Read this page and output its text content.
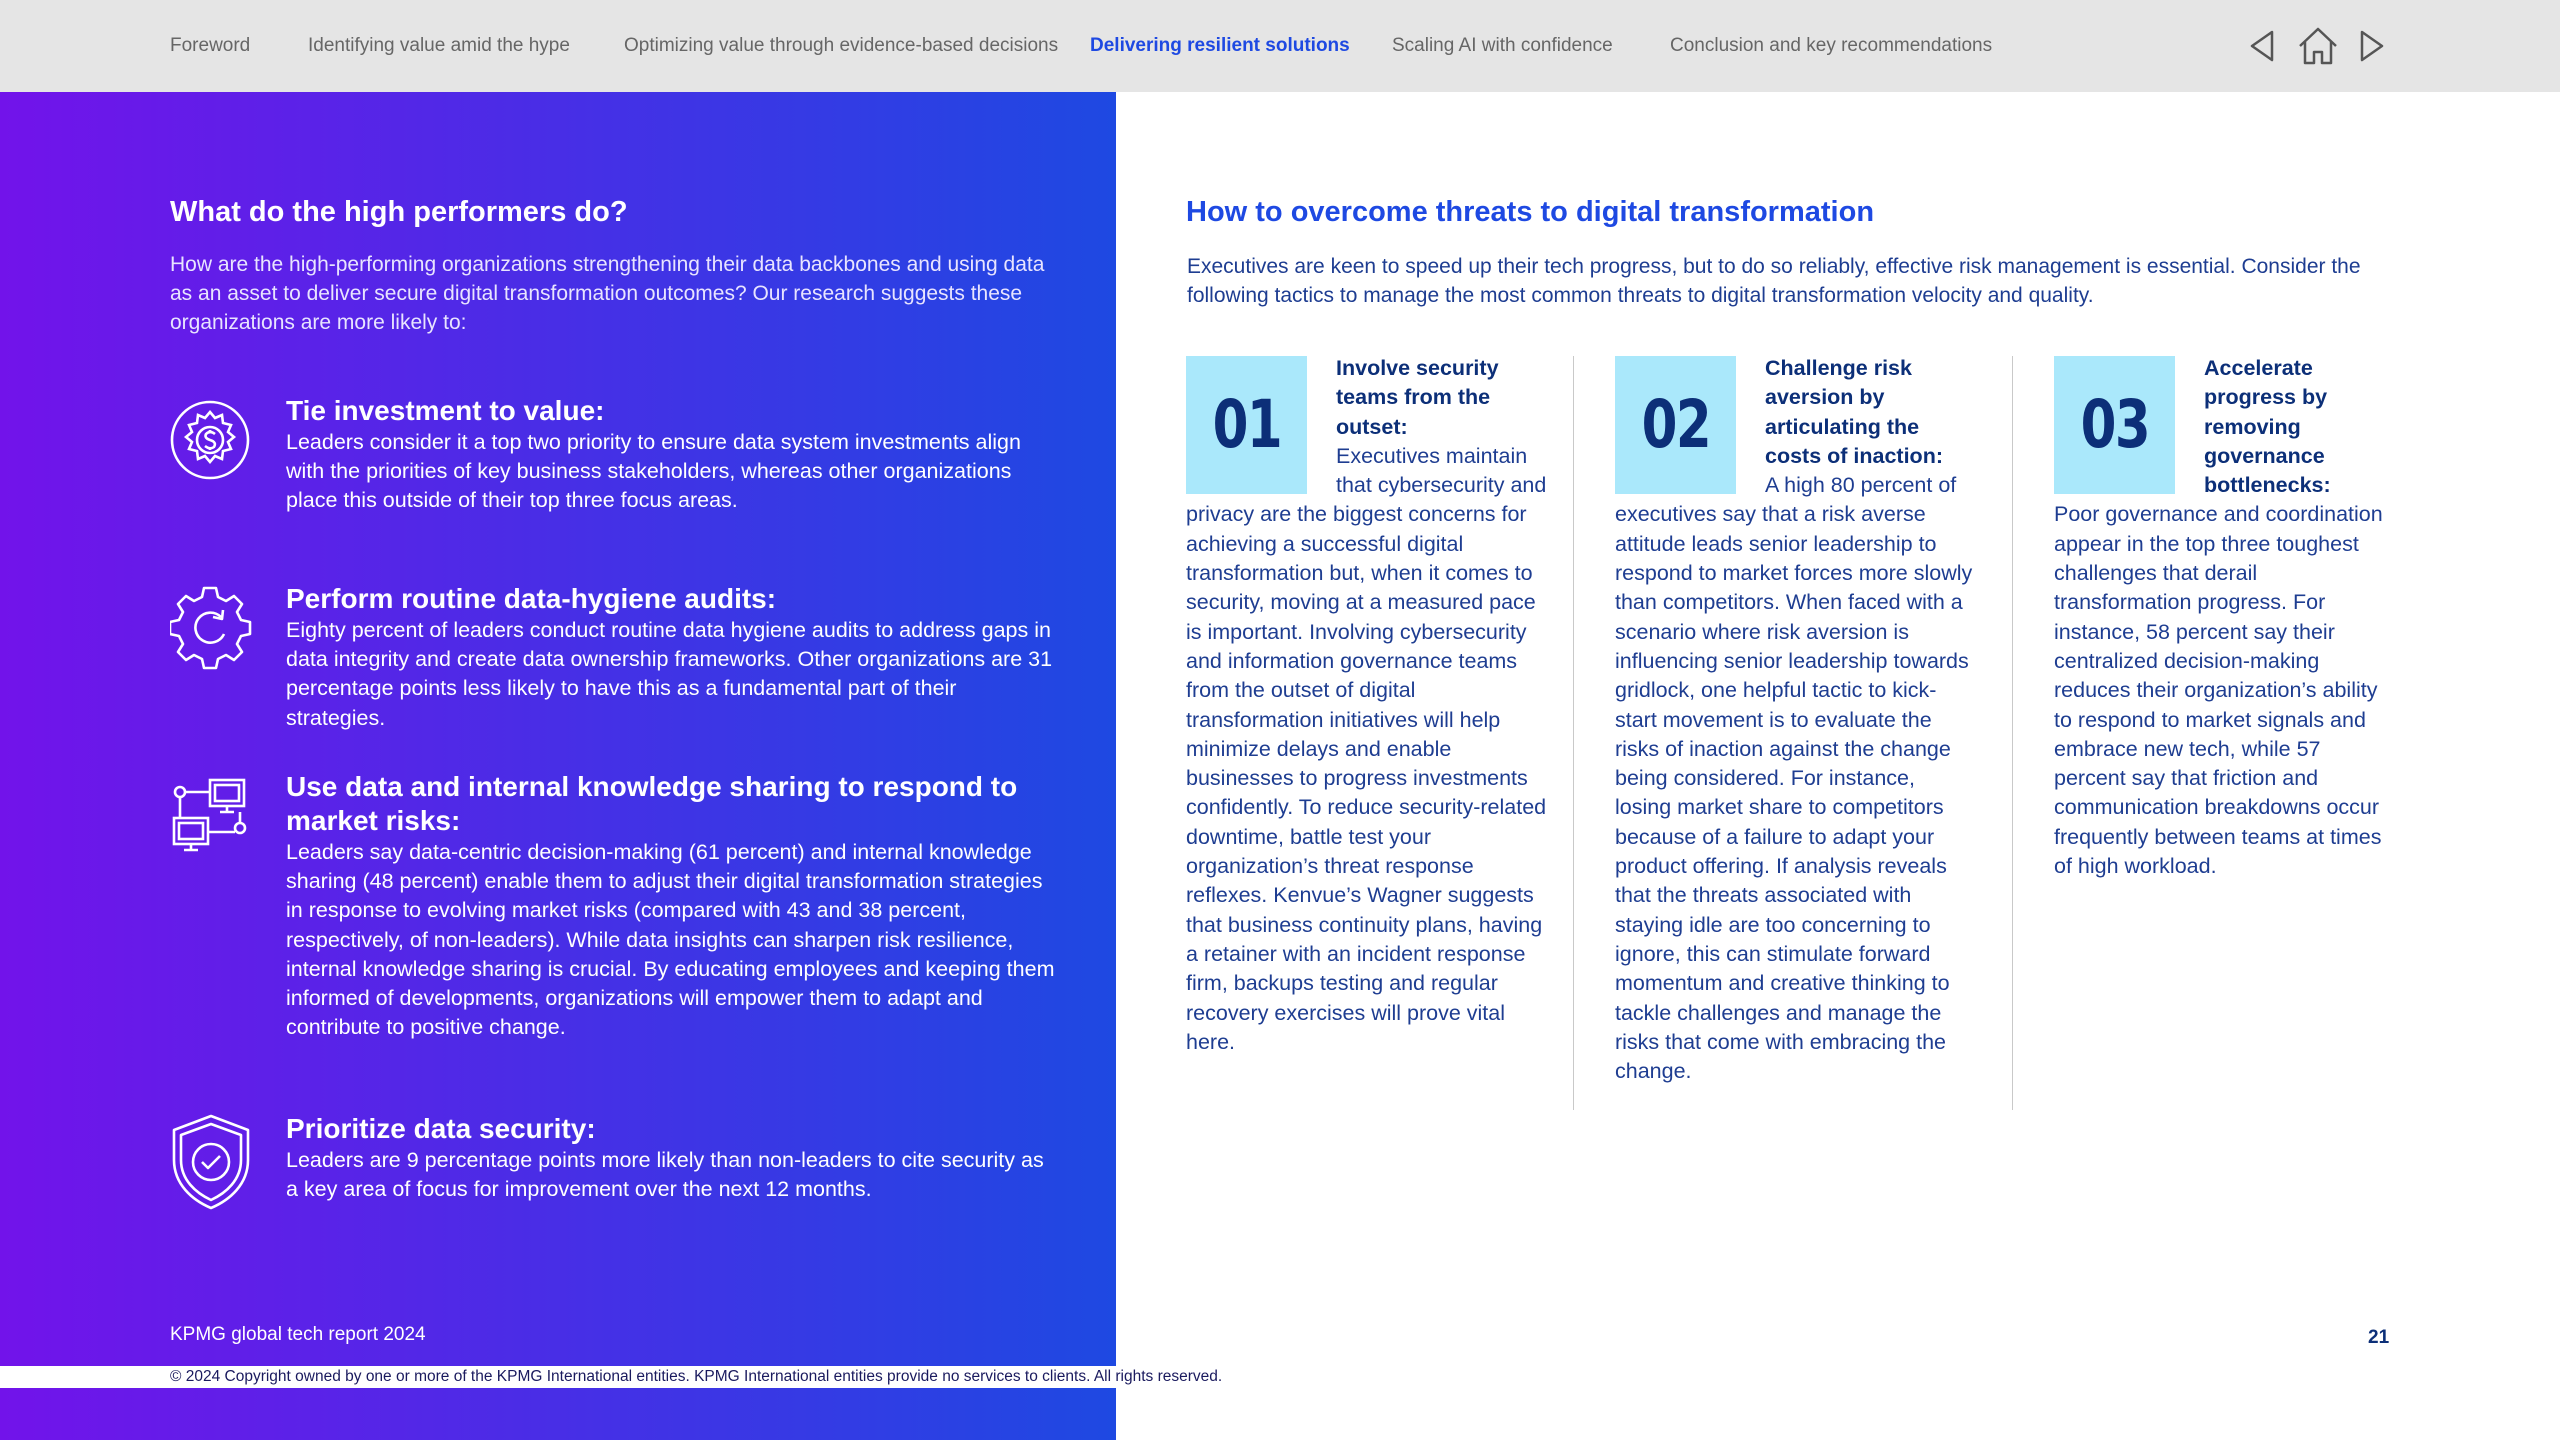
Foreword	Identifying value amid the hype	Optimizing value through evidence-based decisions Delivering resilient solutions Scaling AI with confidence	Conclusion and key recommendations
What do the high performers do?

How are the high-performing organizations strengthening their data backbones and using data as an asset to deliver secure digital transformation outcomes? Our research suggests these organizations are more likely to:

Tie investment to value:

Leaders consider it a top two priority to ensure data system investments align with the priorities of key business stakeholders, whereas other organizations place this outside of their top three focus areas.

Perform routine data-hygiene audits:

Eighty percent of leaders conduct routine data hygiene audits to address gaps in data integrity and create data ownership frameworks. Other organizations are 31 percentage points less likely to have this as a fundamental part of their strategies.

Use data and internal knowledge sharing to respond to market risks:

Leaders say data-centric decision-making (61 percent) and internal knowledge sharing (48 percent) enable them to adjust their digital transformation strategies in response to evolving market risks (compared with 43 and 38 percent, respectively, of non-leaders). While data insights can sharpen risk resilience, internal knowledge sharing is crucial. By educating employees and keeping them informed of developments, organizations will empower them to adapt and contribute to positive change.

Prioritize data security:

Leaders are 9 percentage points more likely than non-leaders to cite security as a key area of focus for improvement over the next 12 months.

KPMG global tech report 2024
© 2024 Copyright owned by one or more of the KPMG International entities. KPMG International entities provide no services to clients. All rights reserved.
How to overcome threats to digital transformation

Executives are keen to speed up their tech progress, but to do so reliably, effective risk management is essential. Consider the following tactics to manage the most common threats to digital transformation velocity and quality.

01
Involve security teams from the outset:
Executives maintain that cybersecurity and privacy are the biggest concerns for achieving a successful digital transformation but, when it comes to security, moving at a measured pace is important. Involving cybersecurity and information governance teams from the outset of digital transformation initiatives will help minimize delays and enable businesses to progress investments confidently. To reduce security-related downtime, battle test your organization’s threat response reflexes. Kenvue’s Wagner suggests that business continuity plans, having a retainer with an incident response firm, backups testing and regular recovery exercises will prove vital here.
02
Challenge risk aversion by articulating the costs of inaction:
A high 80 percent of executives say that a risk averse attitude leads senior leadership to respond to market forces more slowly than competitors. When faced with a scenario where risk aversion is influencing senior leadership towards gridlock, one helpful tactic to kick-start movement is to evaluate the risks of inaction against the change being considered. For instance, losing market share to competitors because of a failure to adapt your product offering. If analysis reveals that the threats associated with staying idle are too concerning to ignore, this can stimulate forward momentum and creative thinking to tackle challenges and manage the risks that come with embracing the change.
03
Accelerate progress by removing governance bottlenecks:
Poor governance and coordination appear in the top three toughest challenges that derail transformation progress. For instance, 58 percent say their centralized decision-making reduces their organization’s ability to respond to market signals and embrace new tech, while 57 percent say that friction and communication breakdowns occur frequently between teams at times of high workload.
21
